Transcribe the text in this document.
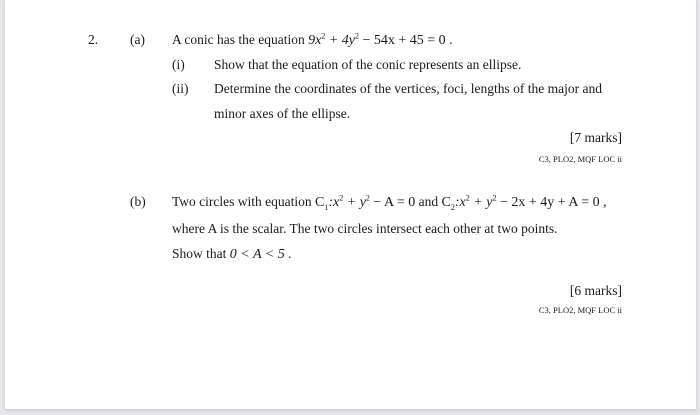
2. (a) A conic has the equation $9x^2 + 4y^2 - 54x + 45 = 0$ .
(i) Show that the equation of the conic represents an ellipse.
(ii) Determine the coordinates of the vertices, foci, lengths of the major and
minor axes of the ellipse.
[7 marks]
C3, PLO2, MQF LOC ii
(b) Two circles with equation $C_1:x^2 + y^2 - A = 0$ and $C_2:x^2 + y^2 - 2x + 4y + A = 0$ ,
where A is the scalar. The two circles intersect each other at two points.
Show that 0 < A < 5 .
[6 marks]
C3, PLO2, MQF LOC ii
